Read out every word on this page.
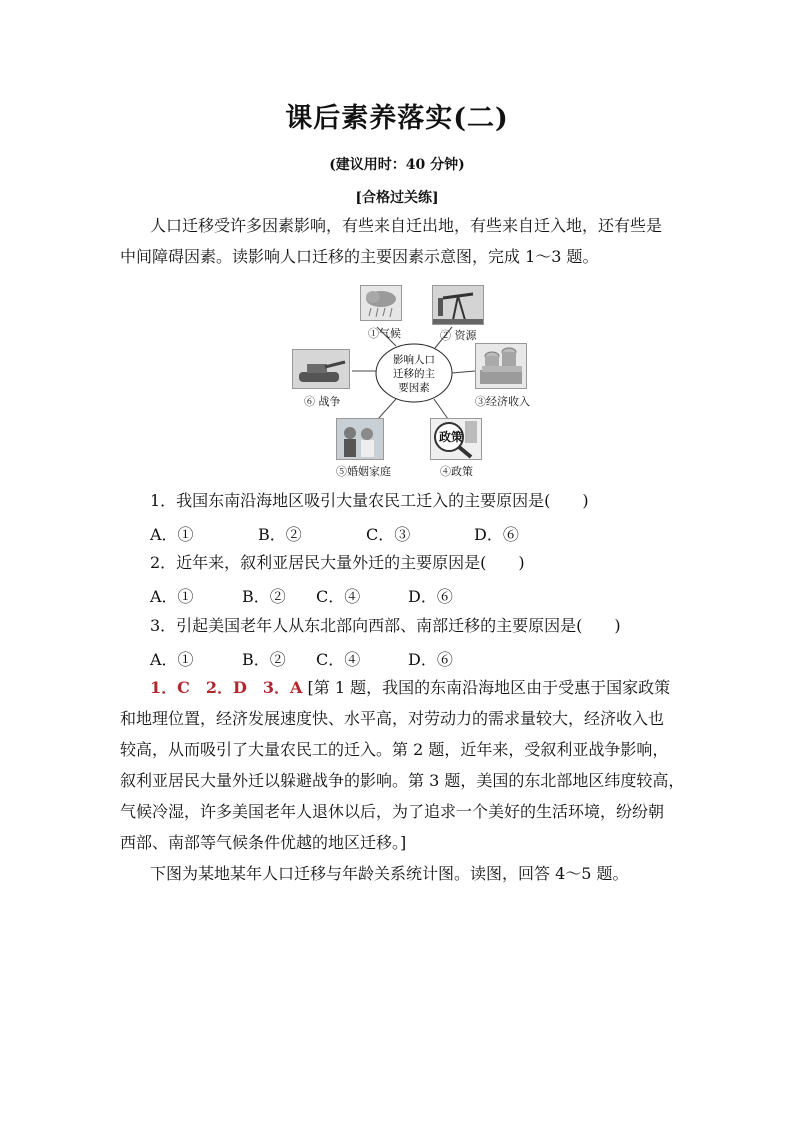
课后素养落实(二)
(建议用时：40 分钟)
[合格过关练]
人口迁移受许多因素影响，有些来自迁出地，有些来自迁入地，还有些是
中间障碍因素。读影响人口迁移的主要因素示意图，完成 1～3 题。
影响人口
迁移的主
要因素
①气候	② 资源
③经济收入
政策
④政策
⑤婚姻家庭
⑥ 战争
1．我国东南沿海地区吸引大量农民工迁入的主要原因是(　　)
A．①	B．②	C．③	D．⑥
2．近年来，叙利亚居民大量外迁的主要原因是(　　)
A．①	B．② C．④	D．⑥
3．引起美国老年人从东北部向西部、南部迁移的主要原因是(　　)
A．①	B．② C．④	D．⑥
1．C　2．D　3．A [第 1 题，我国的东南沿海地区由于受惠于国家政策
和地理位置，经济发展速度快、水平高，对劳动力的需求量较大，经济收入也
较高，从而吸引了大量农民工的迁入。第 2 题，近年来，受叙利亚战争影响，
叙利亚居民大量外迁以躲避战争的影响。第 3 题，美国的东北部地区纬度较高，
气候冷湿，许多美国老年人退休以后，为了追求一个美好的生活环境，纷纷朝
西部、南部等气候条件优越的地区迁移。]
下图为某地某年人口迁移与年龄关系统计图。读图，回答 4～5 题。
